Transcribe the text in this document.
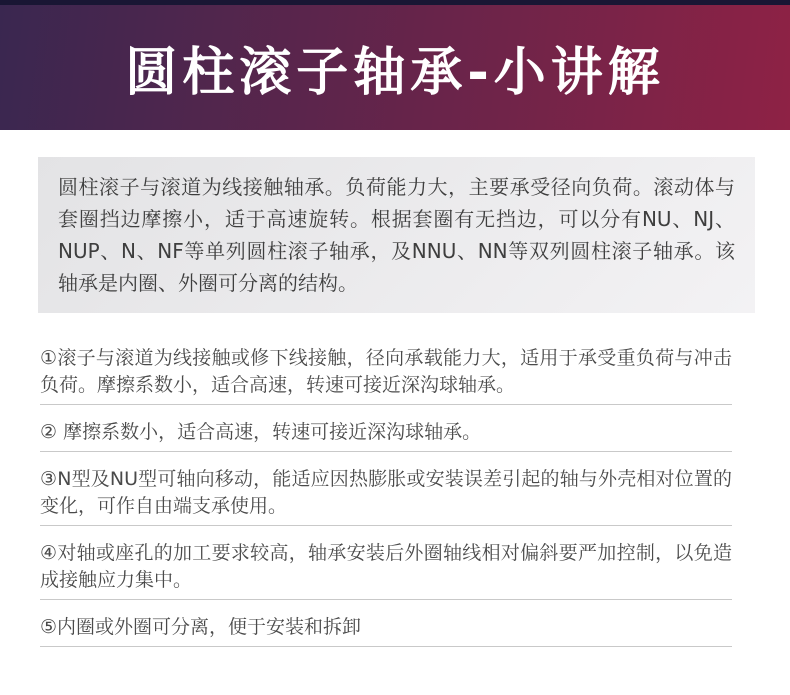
圆柱滚子轴承-小讲解

圆柱滚子与滚道为线接触轴承。负荷能力大，主要承受径向负荷。滚动体与套圈挡边摩擦小，适于高速旋转。根据套圈有无挡边，可以分有NU、NJ、NUP、N、NF等单列圆柱滚子轴承，及NNU、NN等双列圆柱滚子轴承。该轴承是内圈、外圈可分离的结构。

①滚子与滚道为线接触或修下线接触，径向承载能力大，适用于承受重负荷与冲击负荷。摩擦系数小，适合高速，转速可接近深沟球轴承。
② 摩擦系数小，适合高速，转速可接近深沟球轴承。
③N型及NU型可轴向移动，能适应因热膨胀或安装误差引起的轴与外壳相对位置的变化，可作自由端支承使用。
④对轴或座孔的加工要求较高，轴承安装后外圈轴线相对偏斜要严加控制，以免造成接触应力集中。
⑤内圈或外圈可分离，便于安装和拆卸
